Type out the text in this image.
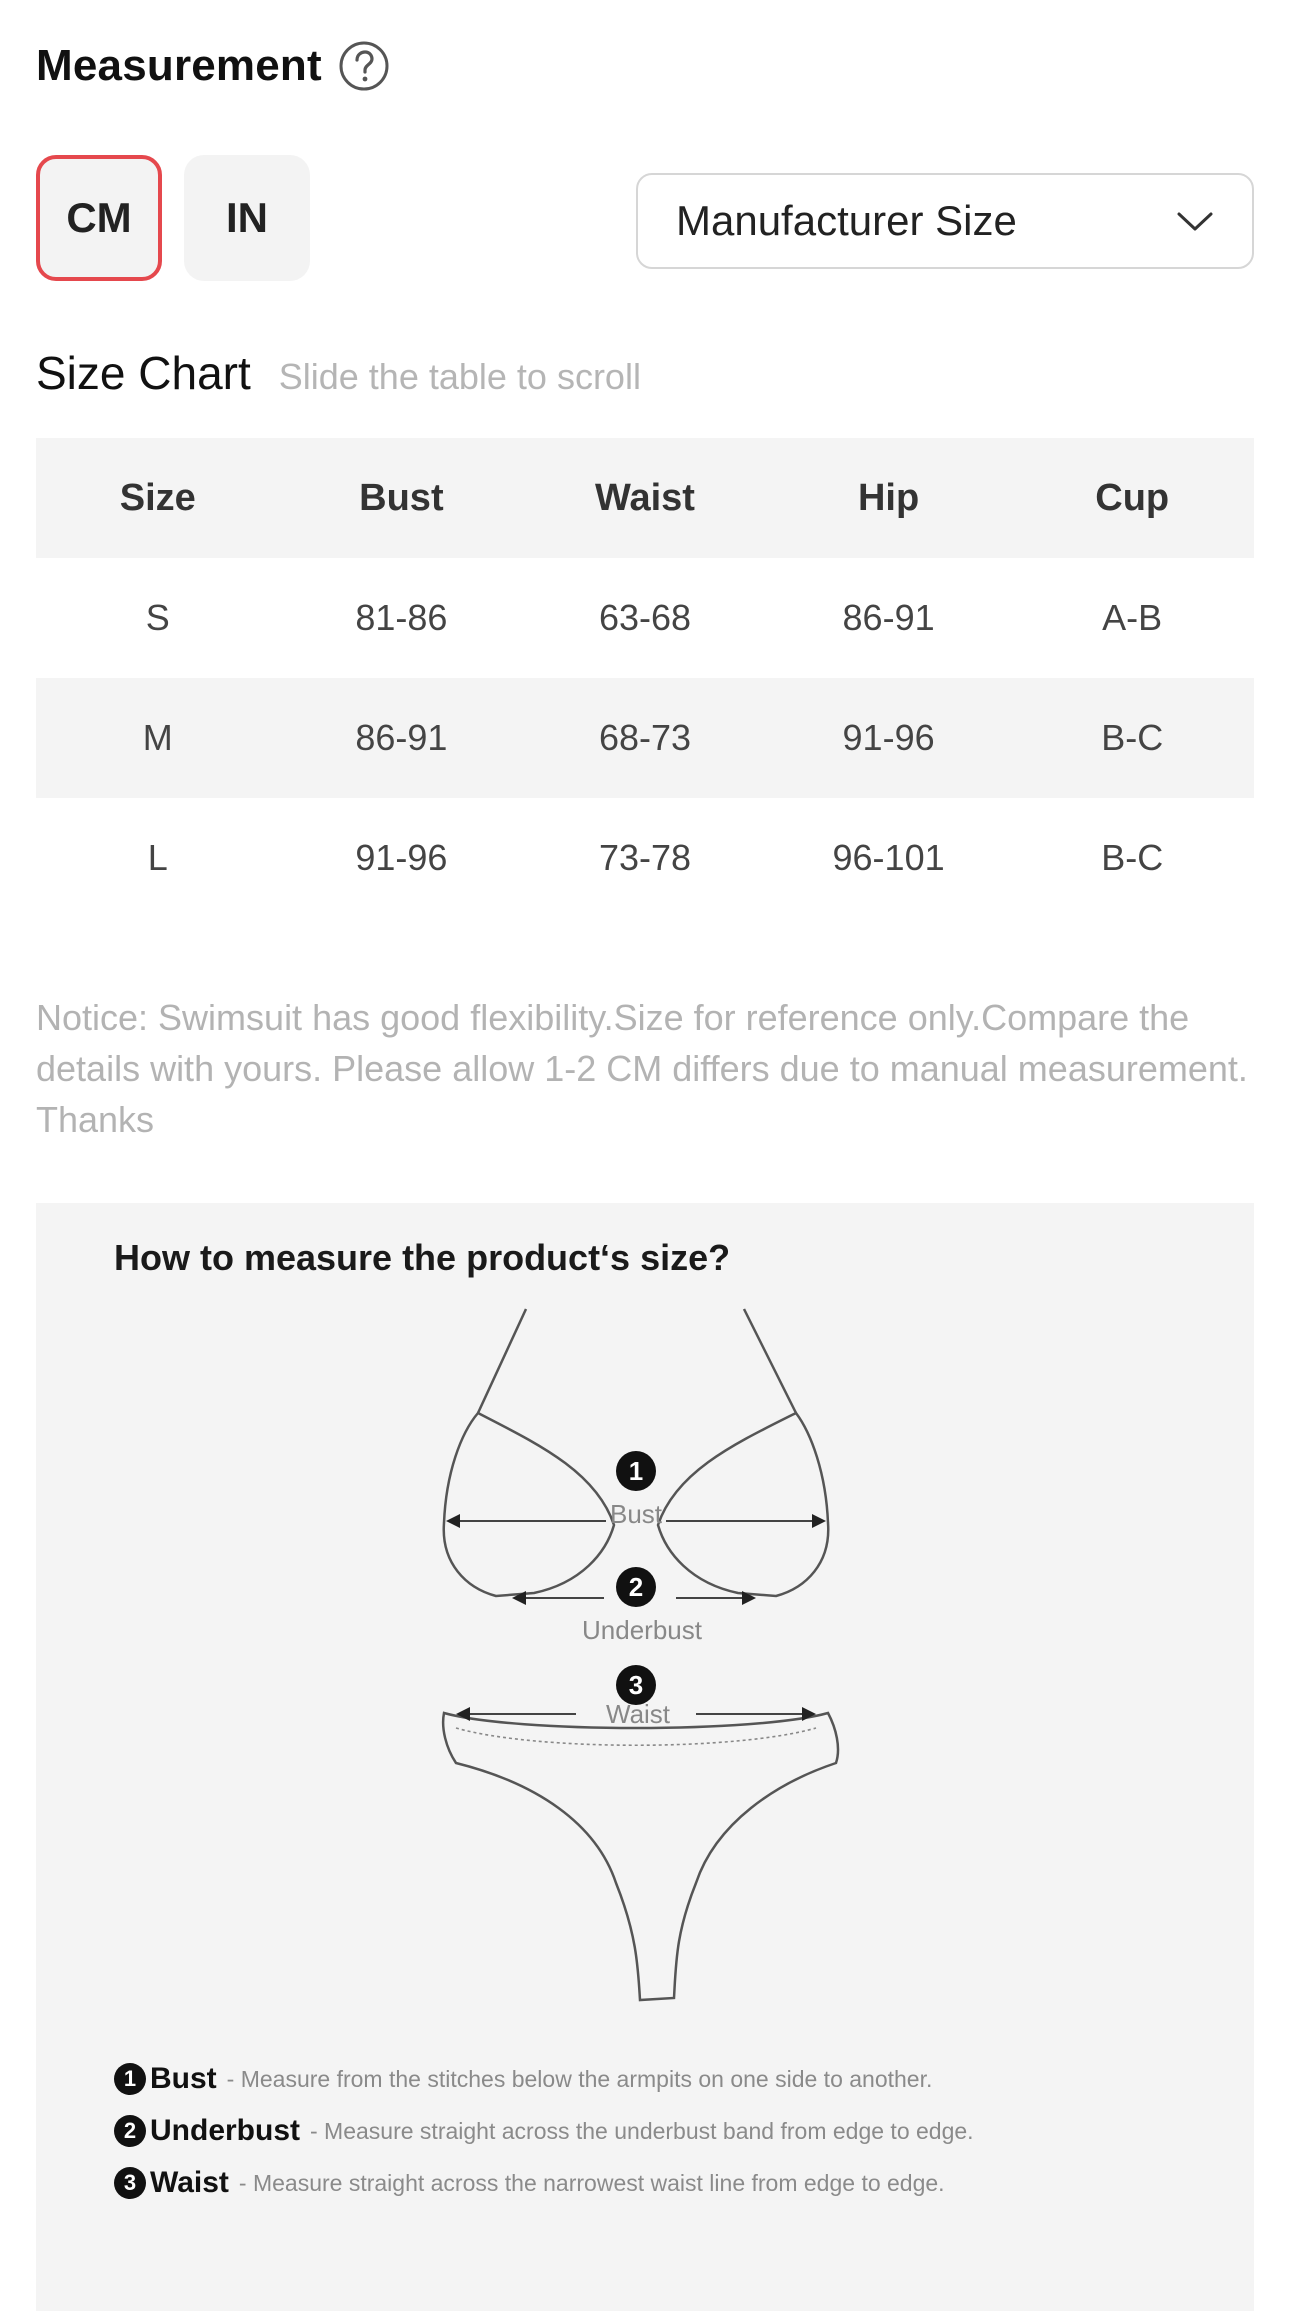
Measurement
CM	IN	Manufacturer Size
Size Chart Slide the table to scroll
Size	Bust	Waist	Hip	Cup
S	81-86	63-68	86-91	A-B
M	86-91	68-73	91-96	B-C
L	91-96	73-78	96-101	B-C

Notice: Swimsuit has good flexibility.Size for reference only.Compare the details with yours. Please allow 1-2 CM differs due to manual measurement. Thanks

How to measure the product‘s size?
1
Bust
2
Underbust
3
Waist
1 Bust - Measure from the stitches below the armpits on one side to another.
2 Underbust - Measure straight across the underbust band from edge to edge.
3 Waist - Measure straight across the narrowest waist line from edge to edge.
